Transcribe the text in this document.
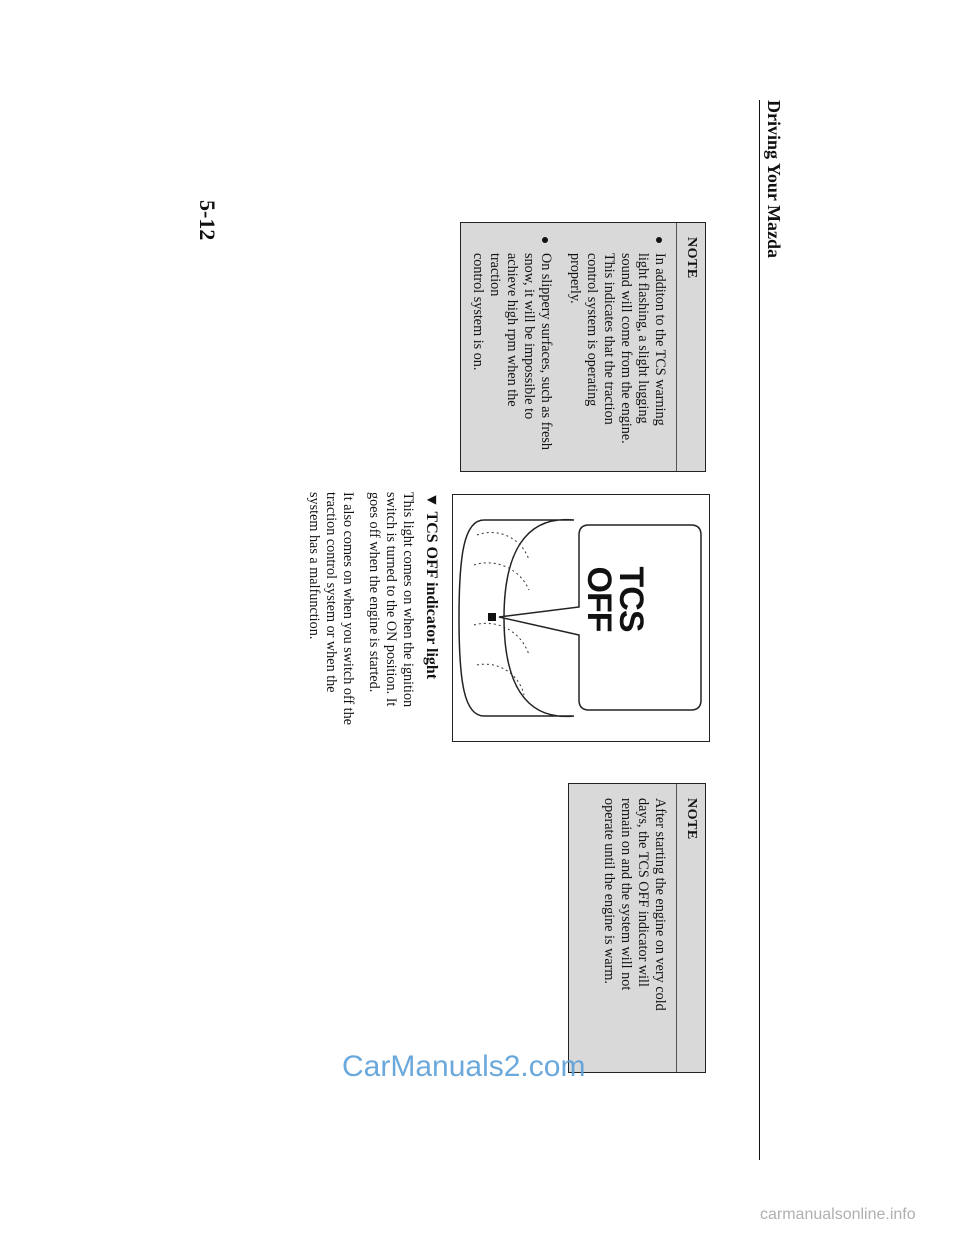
Driving Your Mazda
5-12
NOTE
In additon to the TCS warning
light flashing, a slight lugging
sound will come from the engine.
This indicates that the traction
control system is operating
properly.
On slippery surfaces, such as fresh
snow, it will be impossible to
achieve high rpm when the traction
control system is on.
TCS
OFF
▼ TCS OFF indicator light
This light comes on when the ignition
switch is turned to the ON position. It
goes off when the engine is started.
It also comes on when you switch off the
traction control system or when the
system has a malfunction.
NOTE
After starting the engine on very cold
days, the TCS OFF indicator will
remain on and the system will not
operate until the engine is warm.
CarManuals2.com
carmanualsonline.info
